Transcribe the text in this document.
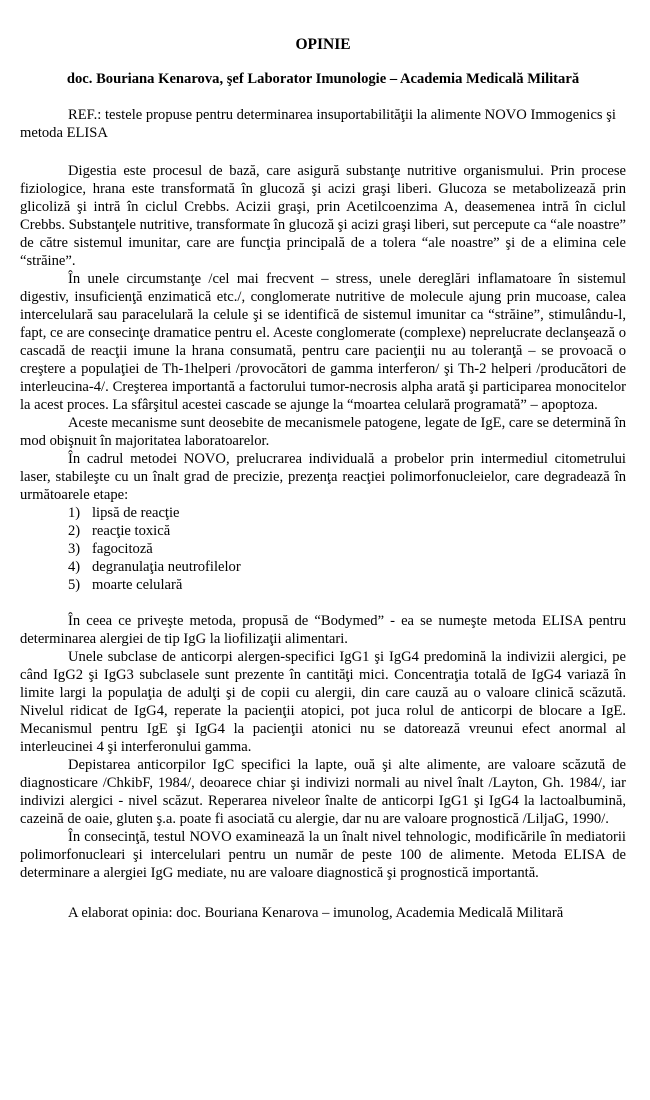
OPINIE
doc. Bouriana Kenarova, şef Laborator Imunologie – Academia Medicală Militară
REF.: testele propuse pentru determinarea insuportabilităţii la alimente NOVO Immogenics şi metoda ELISA

Digestia este procesul de bază, care asigură substanţe nutritive organismului. Prin procese fiziologice, hrana este transformată în glucoză şi acizi graşi liberi. Glucoza se metabolizează prin glicoliză şi intră în ciclul Crebbs. Acizii graşi, prin Acetilcoenzima A, deasemenea intră în ciclul Crebbs. Substanţele nutritive, transformate în glucoză şi acizi graşi liberi, sut percepute ca “ale noastre” de către sistemul imunitar, care are funcţia principală de a tolera “ale noastre” şi de a elimina cele “străine”.

În unele circumstanţe /cel mai frecvent – stress, unele dereglări inflamatoare în sistemul digestiv, insuficienţă enzimatică etc./, conglomerate nutritive de molecule ajung prin mucoase, calea intercelulară sau paracelulară la celule şi se identifică de sistemul imunitar ca “străine”, stimulându-l, fapt, ce are consecinţe dramatice pentru el. Aceste conglomerate (complexe) neprelucrate declanşează o cascadă de reacţii imune la hrana consumată, pentru care pacienţii nu au toleranţă – se provoacă o creştere a populaţiei de Th-1helperi /provocători de gamma interferon/ şi Th-2 helperi /producători de interleucina-4/. Creşterea importantă a factorului tumor-necrosis alpha arată şi participarea monocitelor la acest proces. La sfârşitul acestei cascade se ajunge la “moartea celulară programată” – apoptoza.

Aceste mecanisme sunt deosebite de mecanismele patogene, legate de IgE, care se determină în mod obişnuit în majoritatea laboratoarelor.

În cadrul metodei NOVO, prelucrarea individuală a probelor prin intermediul citometrului laser, stabileşte cu un înalt grad de precizie, prezenţa reacţiei polimorfonucleielor, care degradează în următoarele etape:

1) lipsă de reacţie
2) reacţie toxică
3) fagocitoză
4) degranulaţia neutrofilelor
5) moarte celulară

În ceea ce priveşte metoda, propusă de “Bodymed” - ea se numeşte metoda ELISA pentru determinarea alergiei de tip IgG la liofilizaţii alimentari.

Unele subclase de anticorpi alergen-specifici IgG1 şi IgG4 predomină la indivizii alergici, pe când IgG2 şi IgG3 subclasele sunt prezente în cantităţi mici. Concentraţia totală de IgG4 variază în limite largi la populaţia de adulţi şi de copii cu alergii, din care cauză au o valoare clinică scăzută. Nivelul ridicat de IgG4, reperate la pacienţii atopici, pot juca rolul de anticorpi de blocare a IgE. Mecanismul pentru IgE şi IgG4 la pacienţii atonici nu se datorează vreunui efect anormal al interleucinei 4 şi interferonului gamma.

Depistarea anticorpilor IgC specifici la lapte, ouă şi alte alimente, are valoare scăzută de diagnosticare /ChkibF, 1984/, deoarece chiar şi indivizi normali au nivel înalt /Layton, Gh. 1984/, iar indivizi alergici - nivel scăzut. Reperarea niveleor înalte de anticorpi IgG1 şi IgG4 la lactoalbumină, cazeină de oaie, gluten ş.a. poate fi asociată cu alergie, dar nu are valoare prognostică /LiljaG, 1990/.

În consecinţă, testul NOVO examinează la un înalt nivel tehnologic, modificările în mediatorii polimorfonucleari şi intercelulari pentru un număr de peste 100 de alimente. Metoda ELISA de determinare a alergiei IgG mediate, nu are valoare diagnostică şi prognostică importantă.

A elaborat opinia: doc. Bouriana Kenarova – imunolog, Academia Medicală Militară
